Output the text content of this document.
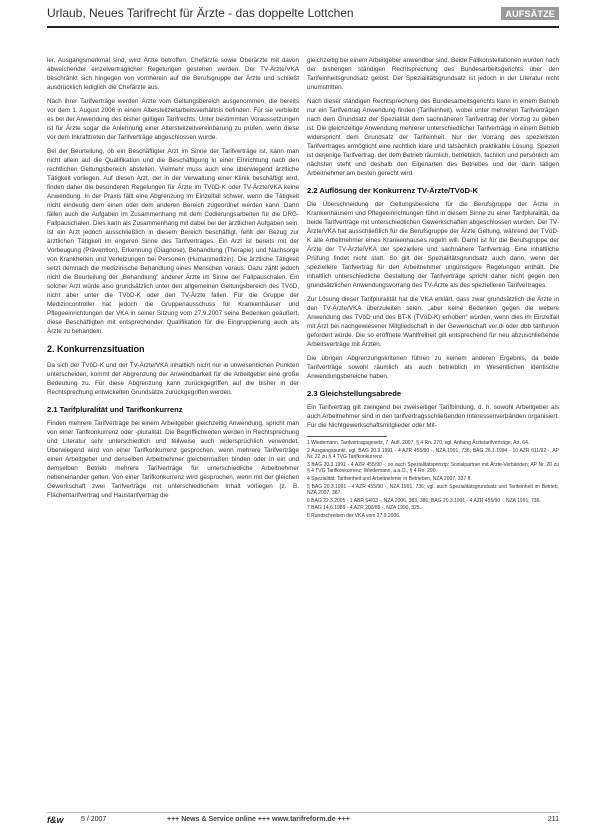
Urlaub, Neues Tarifrecht für Ärzte - das doppelte Lottchen	AUFSÄTZE

ler, Ausgangsmerkmal sind, wird Ärzte betroffen. Chefärzte sowie Oberärzte mit davon abweichender einzelvertraglicher Regelungen gestehen werden. Der TV-Ärzte/VKA beschränkt sich hingegen von vornherein auf die Berufsgruppe der Ärzte und schließt ausdrücklich lediglich die Chefärzte aus.

Nach ihrer Tarifverträge werden Ärzte vom Geltungsbereich ausgenommen, die bereits vor dem 1. August 2006 in einem Altersteilzeitarbeitsverhältnis befinden. Für sie verbleibt es bei der Anwendung des bisher gültigen Tarifrechts. Unter bestimmten Voraussetzungen ist für Ärzte sogar die Anlehnung einer Altersteilzeitvereinbarung zu prüfen, wenn diese vor dem Inkrafttreten der Tarifverträge abgeschlossen wurde.

Bei der Beurteilung, ob ein Beschäftigter Arzt im Sinne der Tarifverträge ist, kann man nicht allein auf die Qualifikation und die Beschäftigung in einer Einrichtung nach den rechtlichen Geltungsbereich abstellen. Vielmehr muss auch eine überwiegend ärztliche Tätigkeit vorliegen. Auf diesen Arzt, der in der Verwaltung einer Klinik beschäftigt wird, finden daher die besonderen Regelungen für Ärzte im TVöD-K oder TV-Ärzte/VKA keine Anwendung. In der Praxis fällt eine Abgrenzung im Einzelfall schwer, wenn die Tätigkeit nicht eindeutig dem einen oder dem anderen Bereich zugeordnet werden kann. Dann fällen auch die Aufgaben im Zusammenhang mit dem Codierungsarbeiten für die DRG-Fallpauschalen. Dies kann als Zusammenhang mit dabei bei der ärztlichen Aufgaben sein. Ist ein Arzt jedoch ausschließlich in diesem Bereich beschäftigt, fehlt der Bezug zur ärztlichen Tätigkeit im engeren Sinne des Tarifvertrages. Ein Arzt ist bereits mit der Vorbeugung (Prävention), Erkennung (Diagnose), Behandlung (Therapie) und Nachsorge von Krankheiten und Verletzungen bei Personen (Humanmedizin). Die ärztliche Tätigkeit setzt demnach die medizinische Behandlung eines Menschen voraus. Dazu zählt jedoch nicht die Beurteilung der „Behandlung“ anderer Ärzte im Sinne der Fallpauschalen. Ein solcher Arzt würde also grundsätzlich unter den allgemeinen Geltungsbereich des TVöD, nicht aber unter die TVöD-K oder den TV-Ärzte fallen. Für die Gruppe der Medizincontroller hat jedoch die Gruppenausschuss für Krankenhäuser und Pflegeeinrichtungen der VKA in seiner Sitzung vom 27.9.2007 seine Bedenken geäußert, diese Beschäftigten mit entsprechender Qualifikation für die Eingruppierung auch als Ärzte zu behandeln.

2. Konkurrenzsituation

Da sich der TVöD-K und der TV-Ärzte/VKA inhaltlich nicht nur in unwesentlichen Punkten unterscheiden, kommt der Abgrenzung der Anwendbarkeit für die Arbeitgeber eine große Bedeutung zu. Für diese Abgrenzung kann zurückgegriffen auf die bisher in der Rechtsprechung entwickelten Grundsätze zurückgegriffen werden.

2.1 Tarifpluralität und Tarifkonkurrenz

Finden mehrere Tarifverträge bei einem Arbeitgeber gleichzeitig Anwendung, spricht man von einer Tarifkonkurrenz oder -pluralität. Die Begrifflichkeiten werden in Rechtsprechung und Literatur sehr unterschiedlich und teilweise auch widersprüchlich verwendet. Überwiegend wird von einer Tarifkonkurrenz gesprochen, wenn mehrere Tarifverträge einen Arbeitgeber und denselben Arbeitnehmer gleichermaßen binden oder in ein und demselben Betrieb mehrere Tarifverträge für unterschiedliche Arbeitnehmer nebeneinander gelten. Von einer Tarifkonkurrenz wird gesprochen, wenn mit der gleichen Gewerkschaft zwei Tarifverträge mit unterschiedlichem Inhalt vorliegen (z. B. Flächentarifvertrag und Haustarifvertrag die

gleichzeitig bei einem Arbeitgeber anwendbar sind. Beide Fallkonstellationen wurden nach der bisherigen ständigen Rechtsprechung des Bundesarbeitsgerichts über den Tarifeinheitsgrundsatz gelöst. Der Spezialitätsgrundsatz ist jedoch in der Literatur nicht unumstritten.

Nach dieser ständigen Rechtsprechung des Bundesarbeitsgerichts kann in einem Betrieb nur ein Tarifvertrag Anwendung finden (Tarifeinheit), wobei unter mehreren Tarifverträgen nach dem Grundsatz der Spezialität dem sachnäheren Tarifvertrag der Vorzug zu geben ist. Die gleichzeitige Anwendung mehrerer unterschiedlicher Tarifverträge in einem Betrieb widerspricht dem Grundsatz der Tarifeinheit. Nur der Vorrang des speziellsten Tarifvertrages ermöglicht eine rechtlich klare und tatsächlich praktikable Lösung. Speziell ist derjenige Tarifvertrag, der dem Betrieb räumlich, betrieblich, fachlich und persönlich am nächsten steht und deshalb den Eigenarten des Betriebes und der darin tätigen Arbeitnehmer am besten gerecht wird.

2.2 Auflösung der Konkurrenz TV-Ärzte/TVöD-K

Die Überschneidung der Geltungsbereiche für die Berufsgruppe der Ärzte in Krankenhäusern und Pflegeeinrichtungen führt in diesem Sinne zu einer Tarifpluralität, da beide Tarifverträge mit unterschiedlichen Gewerkschaften abgeschlossen wurden. Der TV-Ärzte/VKA hat ausschließlich für die Berufsgruppe der Ärzte Geltung, während der TVöD-K alle Arbeitnehmer eines Krankenhauses regeln will. Damit ist für die Berufsgruppe der Ärzte der TV-Ärzte/VKA der speziellere und sachnähere Tarifvertrag. Eine inhaltliche Prüfung findet nicht statt. So gilt der Spezialitätsgrundsatz auch dann, wenn der speziellere Tarifvertrag für den Arbeitnehmer ungünstigere Regelungen enthält. Die inhaltlich unterschiedliche Gestaltung der Tarifverträge spricht daher nicht gegen den grundsätzlichen Anwendungsvorrang des TV-Ärzte als des spezielleren Tarifvertrages.

Zur Lösung dieser Tarifpluralität hat die VKA erklärt, dass zwar grundsätzlich die Ärzte in den TV-Ärzte/VKA überzuleiten seien, „aber keine Bedenken gegen die weitere Anwendung des TVöD und des BT-K (TVöD-K) erhoben“ würden, wenn dies im Einzelfall mit Arzt bei nachgewiesener Mitgliedschaft in der Gewerkschaft ver.di oder dbb tarifunion gefordert würde. Die so eröffnete Wahlfreiheit gilt entsprechend für neu abzuschließende Arbeitsverträge mit Ärzten.

Die übrigen Abgrenzungskriterien führen zu keinem anderen Ergebnis, da beide Tarifverträge sowohl räumlich als auch betrieblich im Wesentlichen identische Anwendungsbereiche haben.

2.3 Gleichstellungsabrede

Ein Tarifvertrag gilt zwingend bei zweiseitiger Tarifbindung, d. h. sowohl Arbeitgeber als auch Arbeitnehmer sind in den tarifvertragsschließenden Interessenverbänden organisiert. Für die Nichtgewerkschaftsmitglieder oder Mit-

1 Wiedemann, Tarifvertragsgesetz, 7. Aufl. 2007, § 4 Rn. 270, vgl. Anhang Ärztetarifverträge, Art. 64.
2 Ausgangspunkt, vgl. BAG 20.3.1991 - 4 AZR 455/90 -, NZA 1991, 736; BAG 26.1.1994 - 10 AZR 611/92 -, AP Nr. 22 zu § 4 TVG Tarifkonkurrenz.
3 BAG 20.3.1991 - 4 AZR 455/90 -; so auch Spezialitätsprinzip: Sozialpartner mit Ärzte-Verbänden; AP Nr. 20 zu § 4 TVG Tarifkonkurrenz; Wiedemann, a.a.O., § 4 Rn. 290.
4 Spezialität: Tarifeinheit und Arbeitnehmer in Betrieben, NZA 2007, 337 ff.
5 BAG 20.3.1991 - 4 AZR 455/90 -, NZA 1991, 736; vgl. auch Spezialitätsgrundsatz und Tarifeinheit im Betrieb, NZA 2007, 387.
6 BAG 22.3.2005 - 1 ABR 64/03 -, NZA 2006, 383, 386; BAG 20.3.1991 - 4 AZR 455/90 -, NZA 1991, 736.
7 BAG 14.6.1989 - 4 AZR 200/89 -, NZA 1990, 325.
8 Rundschreiben der VKA vom 27.9.2006.
f&w	5 / 2007	+++ News & Service online +++ www.tarifreform.de +++	211
